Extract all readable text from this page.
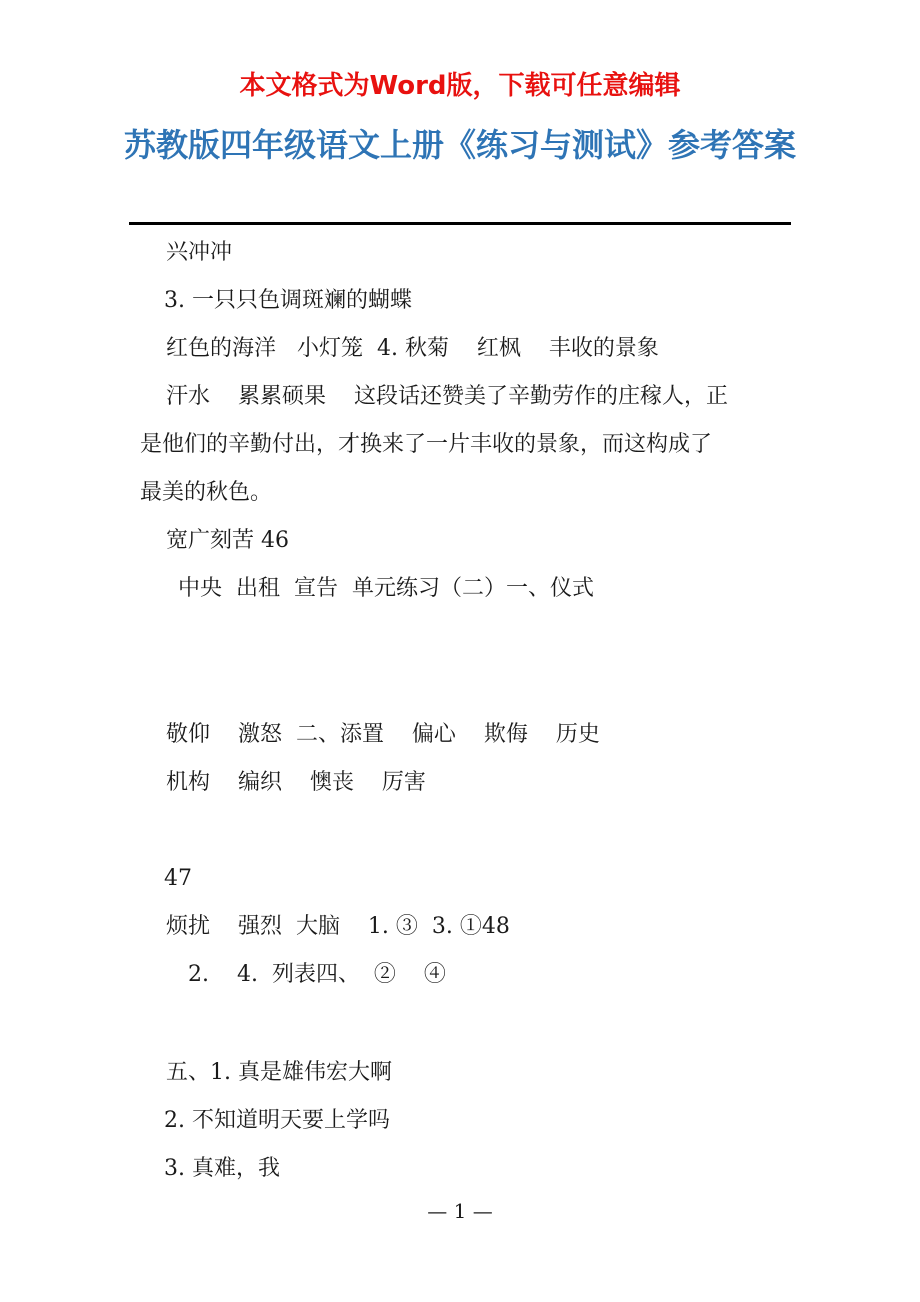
本文格式为Word版，下载可任意编辑
苏教版四年级语文上册《练习与测试》参考答案
兴冲冲
3. 一只只色调斑斓的蝴蝶
红色的海洋   小灯笼  4. 秋菊    红枫    丰收的景象
汗水    累累硕果    这段话还赞美了辛勤劳作的庄稼人，正
是他们的辛勤付出，才换来了一片丰收的景象，而这构成了
最美的秋色。
宽广刻苦 46
中央  出租  宣告  单元练习（二）一、仪式
敬仰    激怒  二、添置    偏心    欺侮    历史
机构    编织    懊丧    厉害
47
烦扰    强烈  大脑    1. ③  3. ①48
2.    4.  列表四、  ②    ④
五、1. 真是雄伟宏大啊
2. 不知道明天要上学吗
3. 真难，我
— 1 —
